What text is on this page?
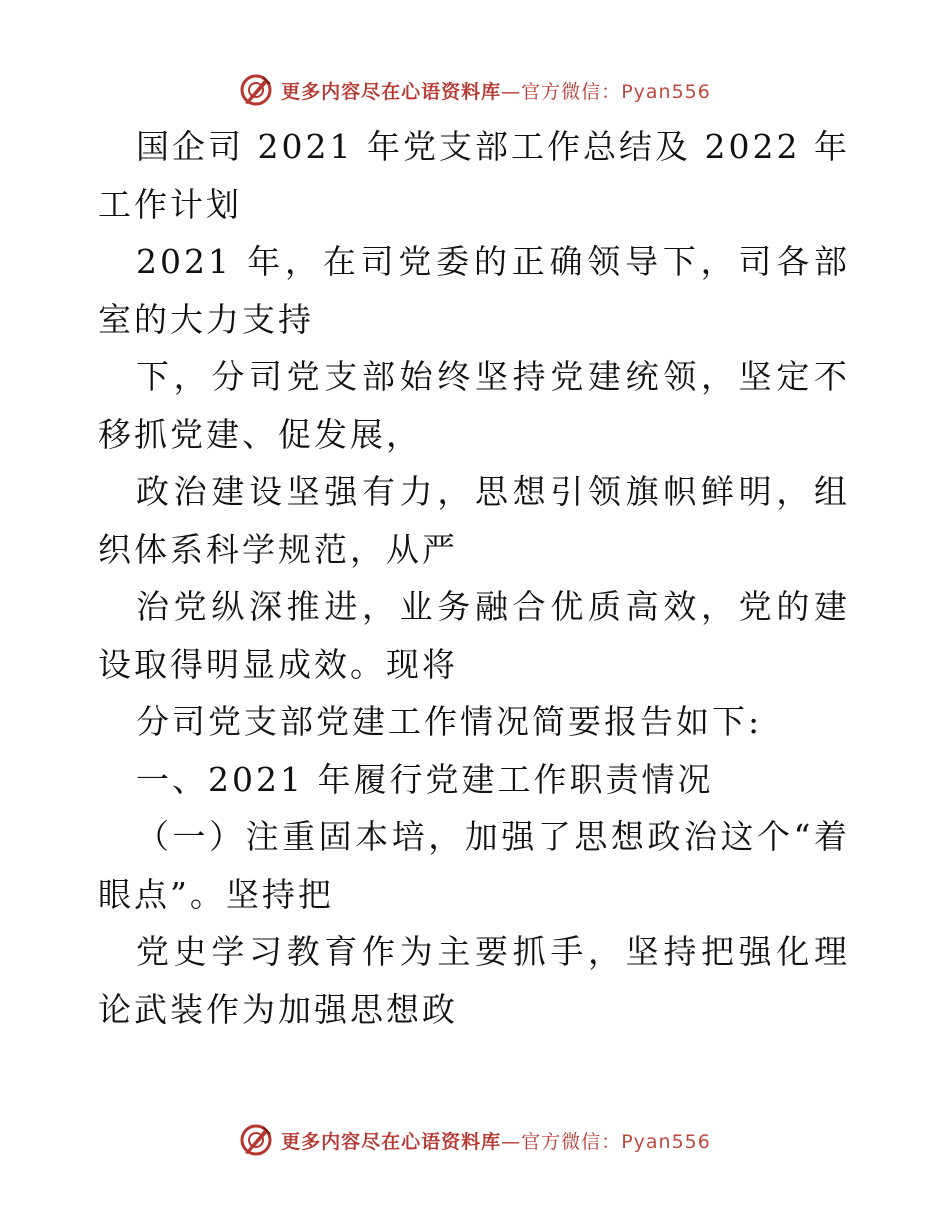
更多内容尽在心语资料库—官方微信：Pyan556

国企司 2021 年党支部工作总结及 2022 年工作计划

2021 年，在司党委的正确领导下，司各部室的大力支持

下，分司党支部始终坚持党建统领，坚定不移抓党建、促发展，

政治建设坚强有力，思想引领旗帜鲜明，组织体系科学规范，从严

治党纵深推进，业务融合优质高效，党的建设取得明显成效。现将

分司党支部党建工作情况简要报告如下:

一、2021 年履行党建工作职责情况

（一）注重固本培，加强了思想政治这个“着眼点”。坚持把

党史学习教育作为主要抓手，坚持把强化理论武装作为加强思想政

更多内容尽在心语资料库—官方微信：Pyan556
